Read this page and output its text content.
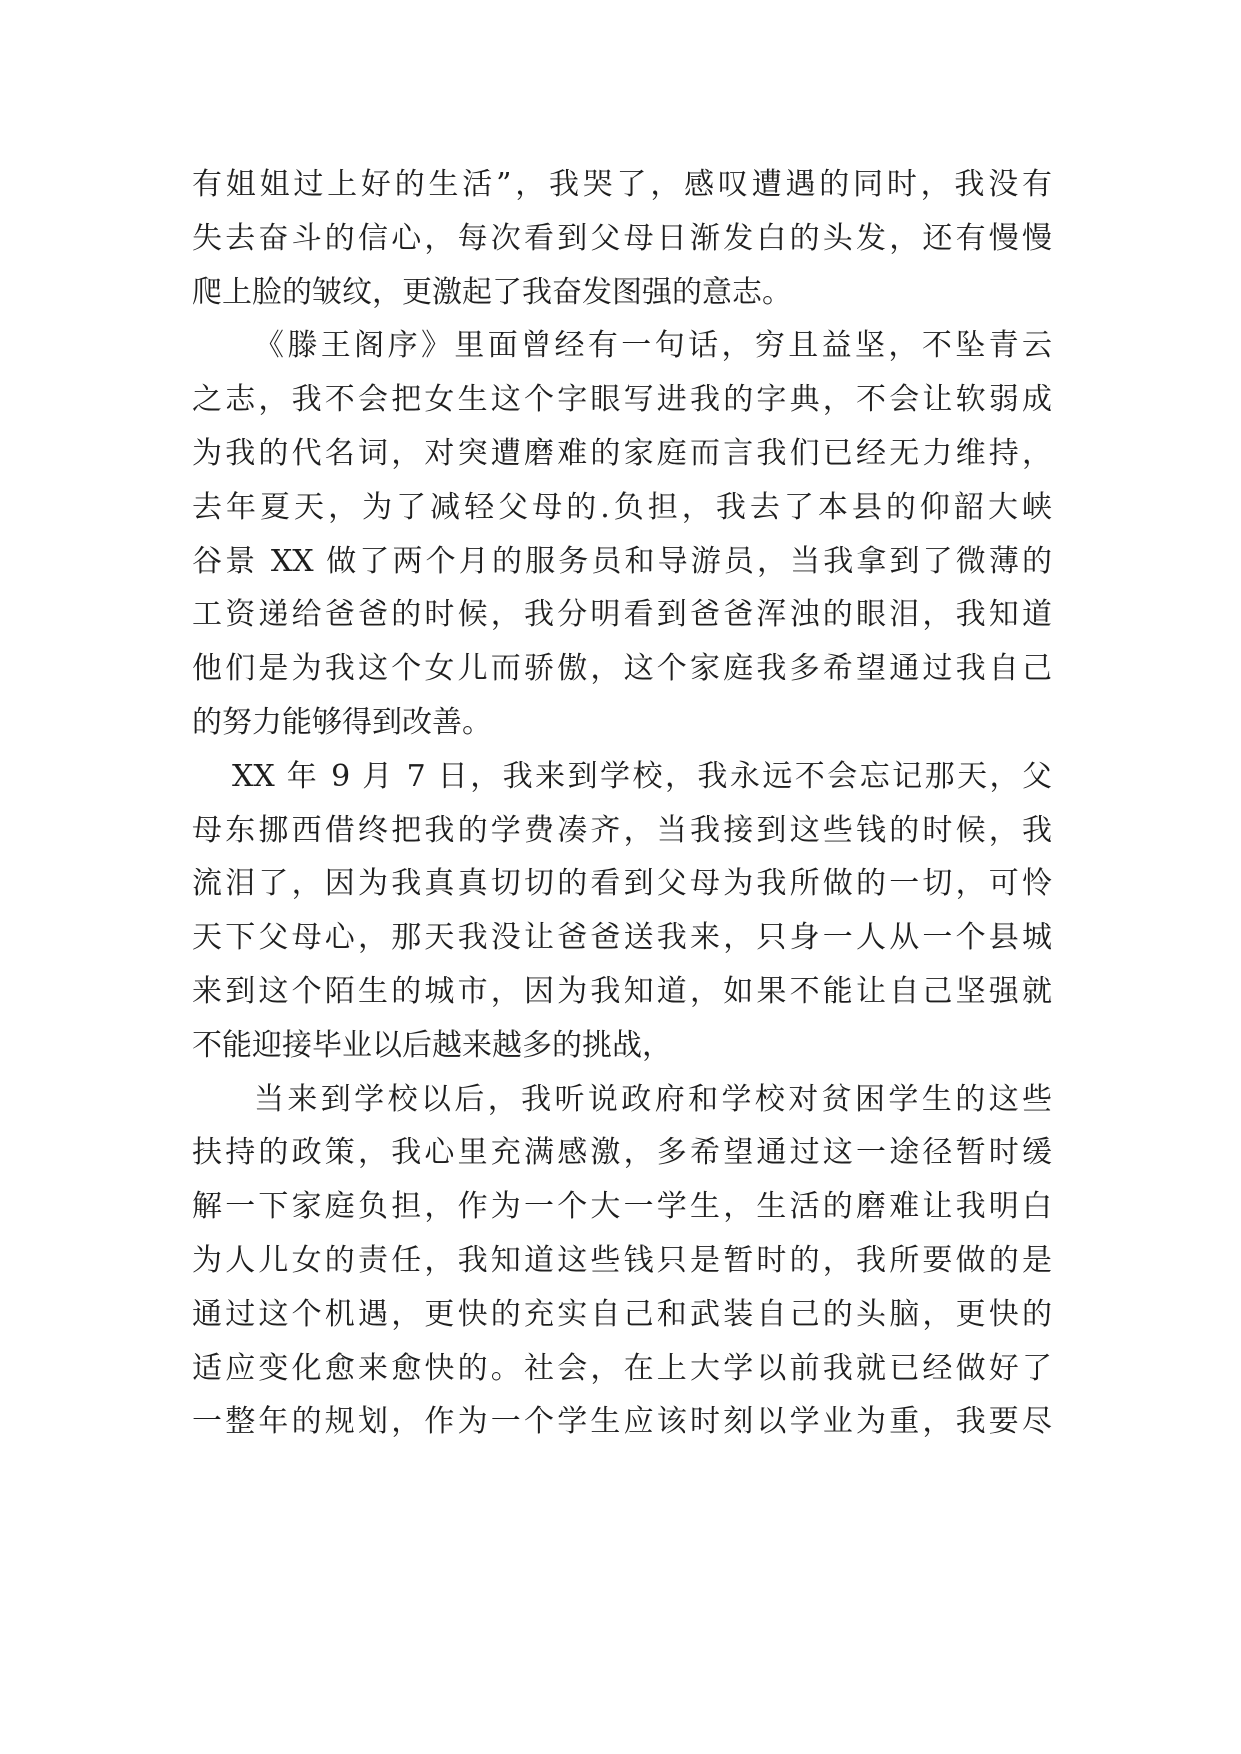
有姐姐过上好的生活”，我哭了，感叹遭遇的同时，我没有
失去奋斗的信心，每次看到父母日渐发白的头发，还有慢慢
爬上脸的皱纹，更激起了我奋发图强的意志。
《滕王阁序》里面曾经有一句话，穷且益坚，不坠青云
之志，我不会把女生这个字眼写进我的字典，不会让软弱成
为我的代名词，对突遭磨难的家庭而言我们已经无力维持，
去年夏天，为了减轻父母的.负担，我去了本县的仰韶大峡
谷景 XX 做了两个月的服务员和导游员，当我拿到了微薄的
工资递给爸爸的时候，我分明看到爸爸浑浊的眼泪，我知道
他们是为我这个女儿而骄傲，这个家庭我多希望通过我自己
的努力能够得到改善。
XX 年 9 月 7 日，我来到学校，我永远不会忘记那天，父
母东挪西借终把我的学费凑齐，当我接到这些钱的时候，我
流泪了，因为我真真切切的看到父母为我所做的一切，可怜
天下父母心，那天我没让爸爸送我来，只身一人从一个县城
来到这个陌生的城市，因为我知道，如果不能让自己坚强就
不能迎接毕业以后越来越多的挑战，
当来到学校以后，我听说政府和学校对贫困学生的这些
扶持的政策，我心里充满感激，多希望通过这一途径暂时缓
解一下家庭负担，作为一个大一学生，生活的磨难让我明白
为人儿女的责任，我知道这些钱只是暂时的，我所要做的是
通过这个机遇，更快的充实自己和武装自己的头脑，更快的
适应变化愈来愈快的。社会，在上大学以前我就已经做好了
一整年的规划，作为一个学生应该时刻以学业为重，我要尽
